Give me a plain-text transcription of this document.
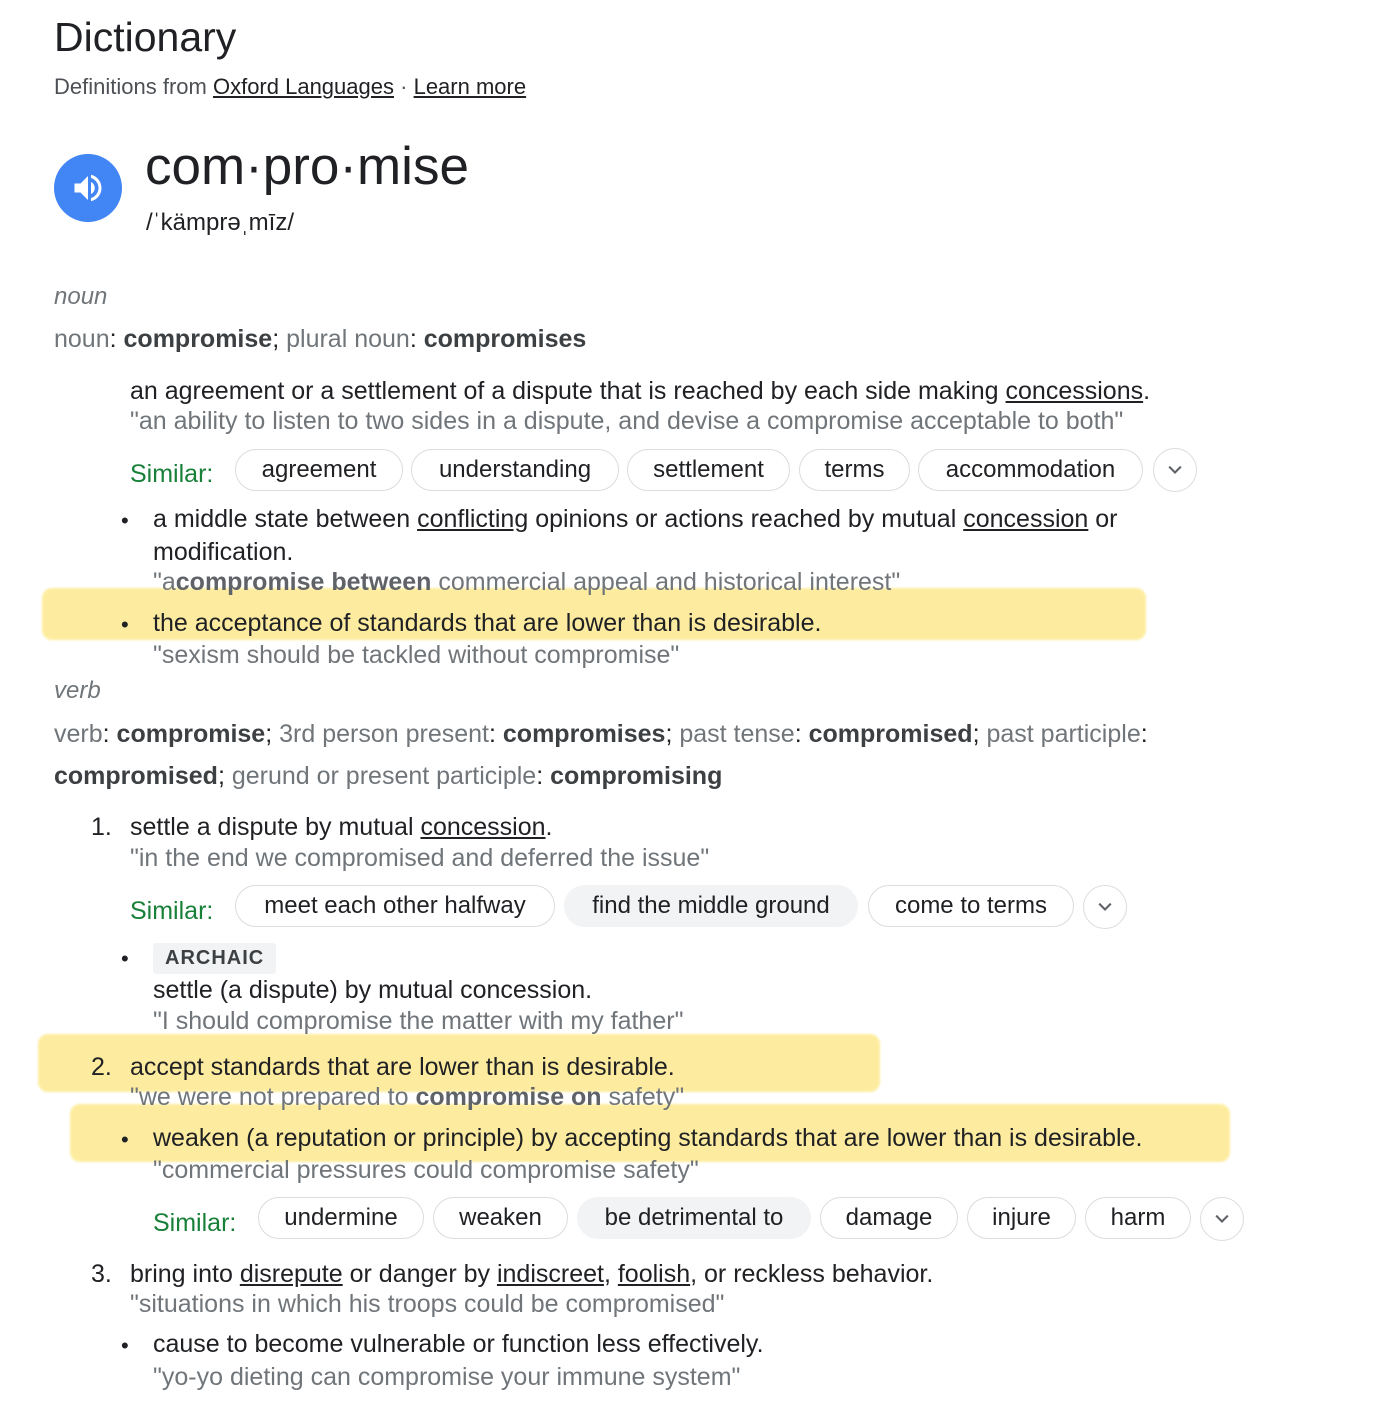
Dictionary
Definitions from Oxford Languages · Learn more
com·pro·mise
/ˈkämprəˌmīz/
noun
noun: compromise; plural noun: compromises
an agreement or a settlement of a dispute that is reached by each side making concessions.
"an ability to listen to two sides in a dispute, and devise a compromise acceptable to both"
Similar:	agreement	understanding	settlement	terms	accommodation
• a middle state between conflicting opinions or actions reached by mutual concession or
modification.
"acompromise between commercial appeal and historical interest"
• the acceptance of standards that are lower than is desirable.
"sexism should be tackled without compromise"
verb
verb: compromise; 3rd person present: compromises; past tense: compromised; past participle:
compromised; gerund or present participle: compromising
1. settle a dispute by mutual concession.
"in the end we compromised and deferred the issue"
Similar:	meet each other halfway	find the middle ground	come to terms
•	ARCHAIC
settle (a dispute) by mutual concession.
"I should compromise the matter with my father"
2. accept standards that are lower than is desirable.
"we were not prepared to compromise on safety"
• weaken (a reputation or principle) by accepting standards that are lower than is desirable.
"commercial pressures could compromise safety"
Similar:	undermine	weaken	be detrimental to	damage	injure	harm
3. bring into disrepute or danger by indiscreet, foolish, or reckless behavior.
"situations in which his troops could be compromised"
• cause to become vulnerable or function less effectively.
"yo-yo dieting can compromise your immune system"
